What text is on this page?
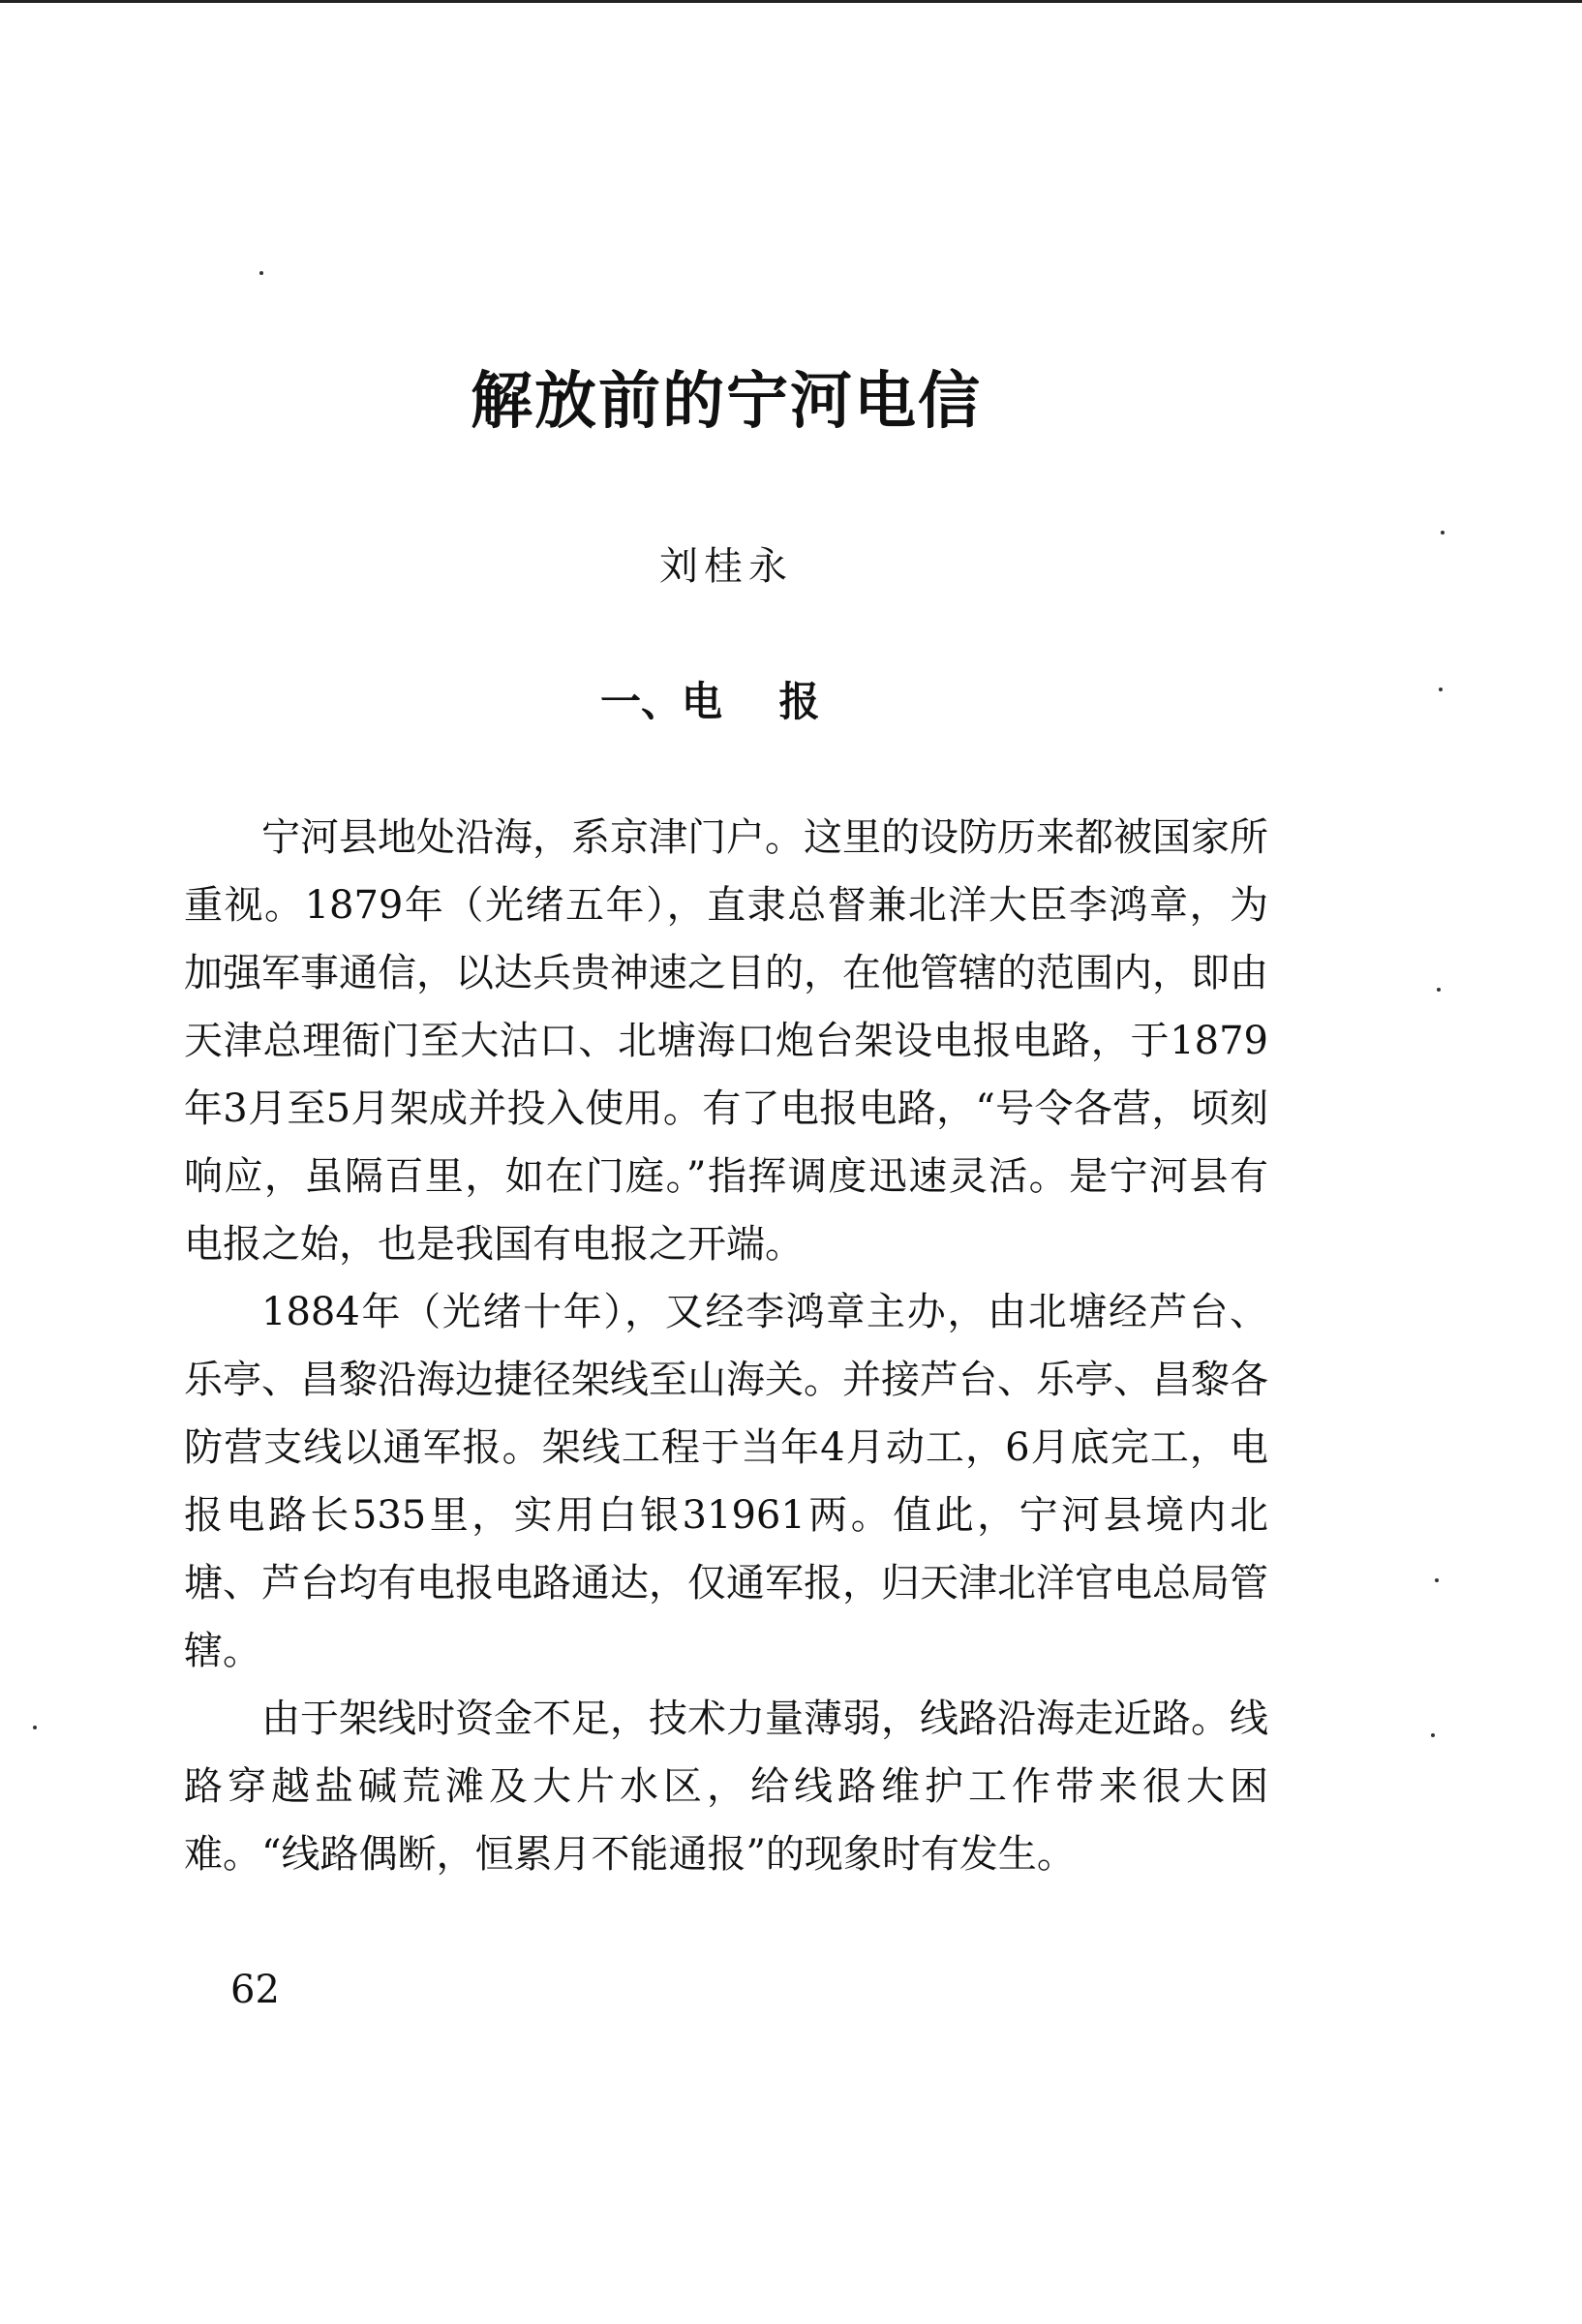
解放前的宁河电信
刘桂永
一、电    报

宁河县地处沿海，系京津门户。这里的设防历来都被国家所重视。1879年（光绪五年），直隶总督兼北洋大臣李鸿章，为加强军事通信，以达兵贵神速之目的，在他管辖的范围内，即由天津总理衙门至大沽口、北塘海口炮台架设电报电路，于1879年3月至5月架成并投入使用。有了电报电路，“号令各营，顷刻响应，虽隔百里，如在门庭。”指挥调度迅速灵活。是宁河县有电报之始，也是我国有电报之开端。

1884年（光绪十年），又经李鸿章主办，由北塘经芦台、乐亭、昌黎沿海边捷径架线至山海关。并接芦台、乐亭、昌黎各防营支线以通军报。架线工程于当年4月动工，6月底完工，电报电路长535里，实用白银31961两。值此，宁河县境内北塘、芦台均有电报电路通达，仅通军报，归天津北洋官电总局管辖。

由于架线时资金不足，技术力量薄弱，线路沿海走近路。线路穿越盐碱荒滩及大片水区，给线路维护工作带来很大困难。“线路偶断，恒累月不能通报”的现象时有发生。

62
